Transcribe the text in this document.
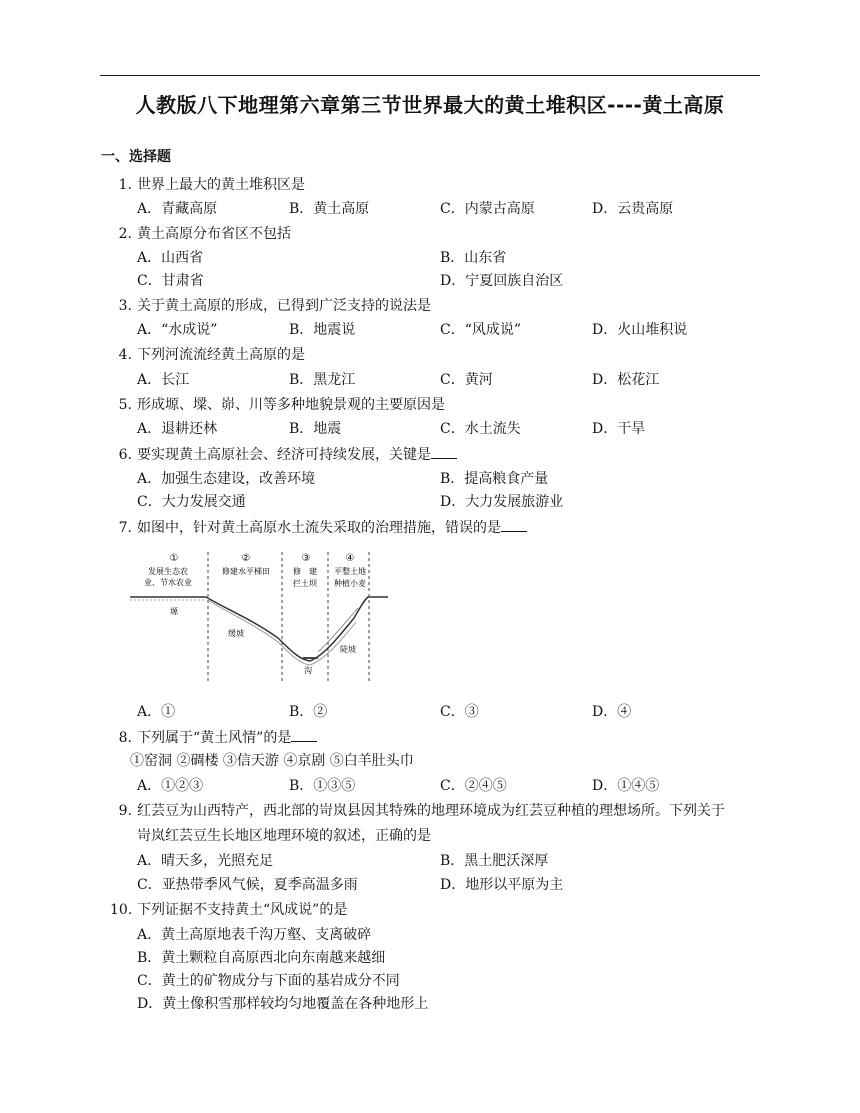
人教版八下地理第六章第三节世界最大的黄土堆积区----黄土高原
一、选择题
1. 世界上最大的黄土堆积区是
A．青藏高原	B．黄土高原	C．内蒙古高原	D．云贵高原
2. 黄土高原分布省区不包括
A．山西省	B．山东省
C．甘肃省	D．宁夏回族自治区
3. 关于黄土高原的形成，已得到广泛支持的说法是
A．“水成说”	B．地震说	C．“风成说”	D．火山堆积说
4. 下列河流流经黄土高原的是
A．长江	B．黑龙江	C．黄河	D．松花江
5. 形成塬、墚、峁、川等多种地貌景观的主要原因是
A．退耕还林	B．地震	C．水土流失	D．干旱
6. 要实现黄土高原社会、经济可持续发展，关键是
A．加强生态建设，改善环境	B．提高粮食产量
C．大力发展交通	D．大力发展旅游业
7. 如图中，针对黄土高原水土流失采取的治理措施，错误的是
①
发展生态农
业、节水农业
②
修建水平梯田
③
修　建
拦土坝
④
平整土地
种植小麦
塬
缓坡
沟
陡坡
A．①	B．②	C．③	D．④
8. 下列属于“黄土风情”的是
①窑洞 ②碉楼 ③信天游 ④京剧 ⑤白羊肚头巾
A．①②③	B．①③⑤	C．②④⑤	D．①④⑤
9. 红芸豆为山西特产，西北部的岢岚县因其特殊的地理环境成为红芸豆种植的理想场所。下列关于
岢岚红芸豆生长地区地理环境的叙述，正确的是
A．晴天多，光照充足	B．黑土肥沃深厚
C．亚热带季风气候，夏季高温多雨	D．地形以平原为主
10. 下列证据不支持黄土“风成说”的是
A．黄土高原地表千沟万壑、支离破碎
B．黄土颗粒自高原西北向东南越来越细
C．黄土的矿物成分与下面的基岩成分不同
D．黄土像积雪那样较均匀地覆盖在各种地形上
